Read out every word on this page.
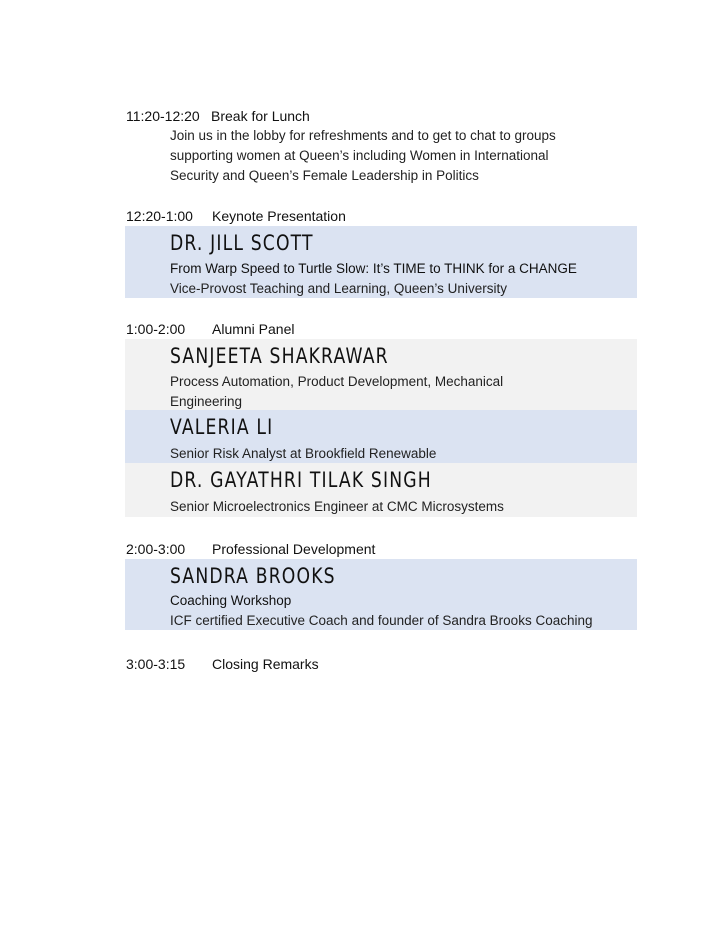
11:20-12:20 Break for Lunch
Join us in the lobby for refreshments and to get to chat to groups
supporting women at Queen’s including Women in International
Security and Queen’s Female Leadership in Politics
12:20-1:00 Keynote Presentation
DR. JILL SCOTT
From Warp Speed to Turtle Slow: It’s TIME to THINK for a CHANGE
Vice-Provost Teaching and Learning, Queen’s University
1:00-2:00 Alumni Panel
SANJEETA SHAKRAWAR
Process Automation, Product Development, Mechanical
Engineering
VALERIA LI
Senior Risk Analyst at Brookfield Renewable
DR. GAYATHRI TILAK SINGH
Senior Microelectronics Engineer at CMC Microsystems
2:00-3:00 Professional Development
SANDRA BROOKS
Coaching Workshop
ICF certified Executive Coach and founder of Sandra Brooks Coaching
3:00-3:15 Closing Remarks
